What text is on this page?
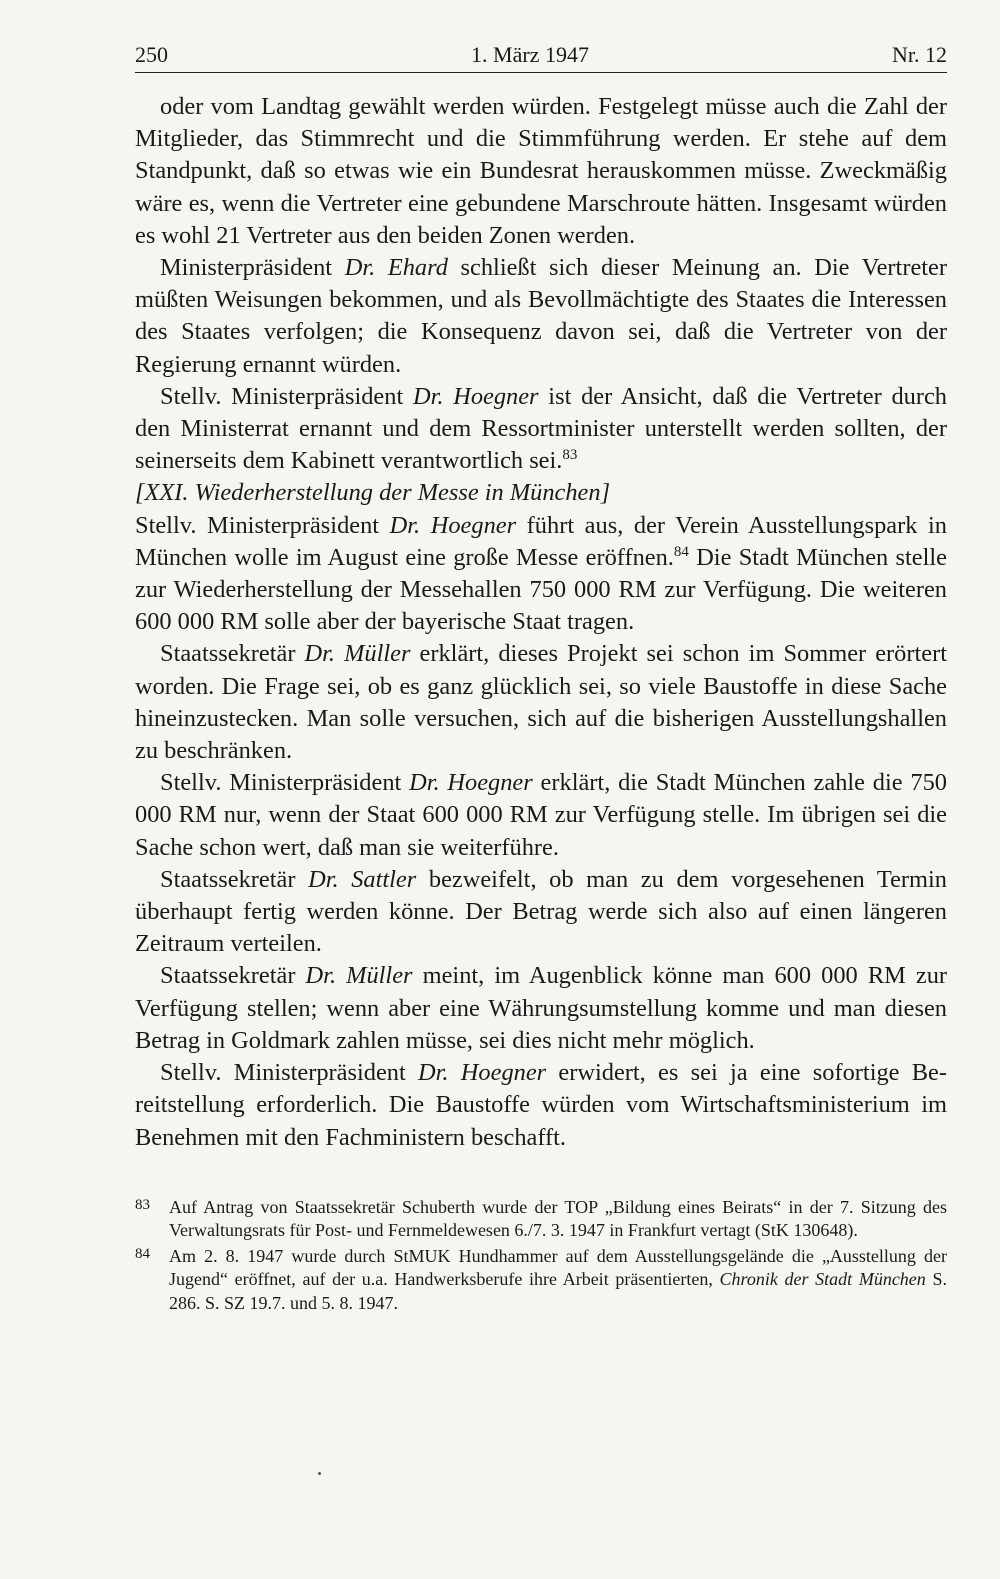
250	1. März 1947	Nr. 12

oder vom Landtag gewählt werden würden. Festgelegt müsse auch die Zahl der Mitglieder, das Stimmrecht und die Stimmführung werden. Er stehe auf dem Standpunkt, daß so etwas wie ein Bundesrat herauskommen müsse. Zweckmäßig wäre es, wenn die Vertreter eine gebundene Marschroute hätten. Insgesamt würden es wohl 21 Vertreter aus den beiden Zonen werden.

Ministerpräsident Dr. Ehard schließt sich dieser Meinung an. Die Vertreter müßten Weisungen bekommen, und als Bevollmächtigte des Staates die Interessen des Staates verfolgen; die Konsequenz davon sei, daß die Vertreter von der Regierung ernannt würden.

Stellv. Ministerpräsident Dr. Hoegner ist der Ansicht, daß die Vertreter durch den Ministerrat ernannt und dem Ressortminister unterstellt werden sollten, der seinerseits dem Kabinett verantwortlich sei.$^{83}$

[XXI. Wiederherstellung der Messe in München]

Stellv. Ministerpräsident Dr. Hoegner führt aus, der Verein Ausstellungspark in München wolle im August eine große Messe eröffnen.$^{84}$ Die Stadt München stelle zur Wiederherstellung der Messehallen 750 000 RM zur Verfügung. Die weiteren 600 000 RM solle aber der bayerische Staat tragen.

Staatssekretär Dr. Müller erklärt, dieses Projekt sei schon im Sommer erörtert worden. Die Frage sei, ob es ganz glücklich sei, so viele Baustoffe in diese Sache hineinzustecken. Man solle versuchen, sich auf die bisherigen Ausstellungshallen zu beschränken.

Stellv. Ministerpräsident Dr. Hoegner erklärt, die Stadt München zahle die 750 000 RM nur, wenn der Staat 600 000 RM zur Verfügung stelle. Im übrigen sei die Sache schon wert, daß man sie weiterführe.

Staatssekretär Dr. Sattler bezweifelt, ob man zu dem vorgesehenen Termin überhaupt fertig werden könne. Der Betrag werde sich also auf einen längeren Zeitraum verteilen.

Staatssekretär Dr. Müller meint, im Augenblick könne man 600 000 RM zur Verfügung stellen; wenn aber eine Währungsumstellung komme und man diesen Betrag in Goldmark zahlen müsse, sei dies nicht mehr möglich.

Stellv. Ministerpräsident Dr. Hoegner erwidert, es sei ja eine sofortige Bereitstellung erforderlich. Die Baustoffe würden vom Wirtschaftsministerium im Benehmen mit den Fachministern beschafft.

83 Auf Antrag von Staatssekretär Schuberth wurde der TOP „Bildung eines Beirats“ in der 7. Sitzung des Verwaltungsrats für Post- und Fernmeldewesen 6./7. 3. 1947 in Frankfurt vertagt (StK 130648).

84 Am 2. 8. 1947 wurde durch StMUK Hundhammer auf dem Ausstellungsgelände die „Ausstellung der Jugend“ eröffnet, auf der u.a. Handwerksberufe ihre Arbeit präsentierten, Chronik der Stadt München S. 286. S. SZ 19.7. und 5. 8. 1947.
